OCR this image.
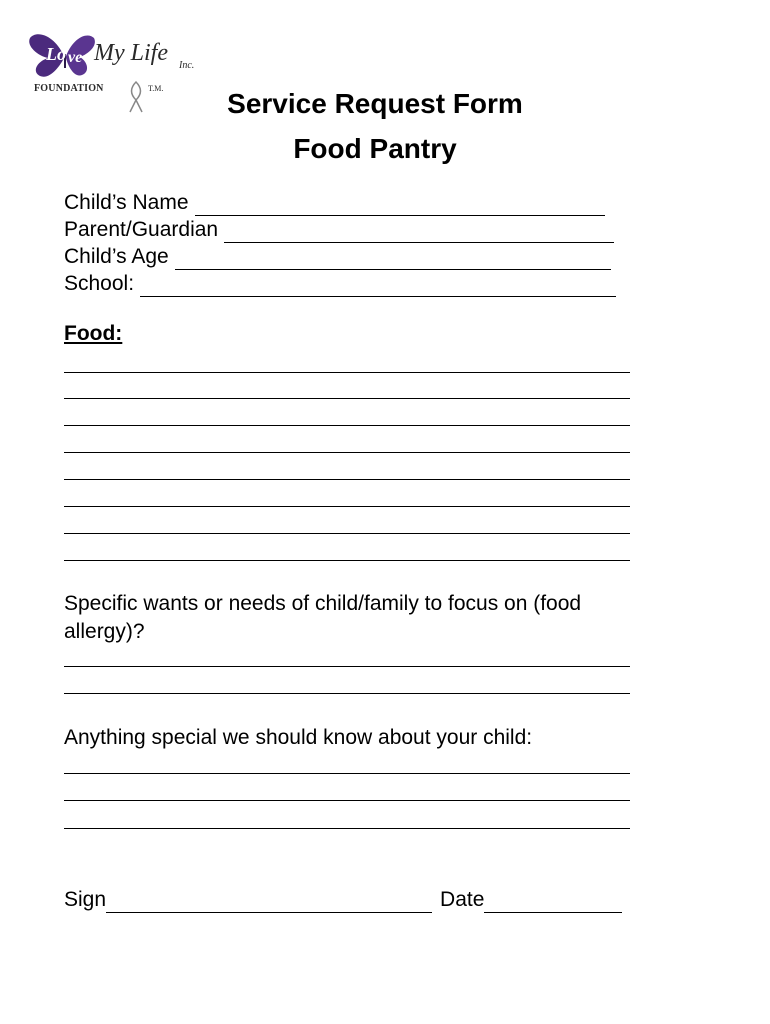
Lo ve My Life Inc.
FOUNDATION	T.M.	Service Request Form
Food Pantry
Child’s Name
Parent/Guardian
Child’s Age
School:
Food:

Specific wants or needs of child/family to focus on (food allergy)?

Anything special we should know about your child:

Sign	Date
